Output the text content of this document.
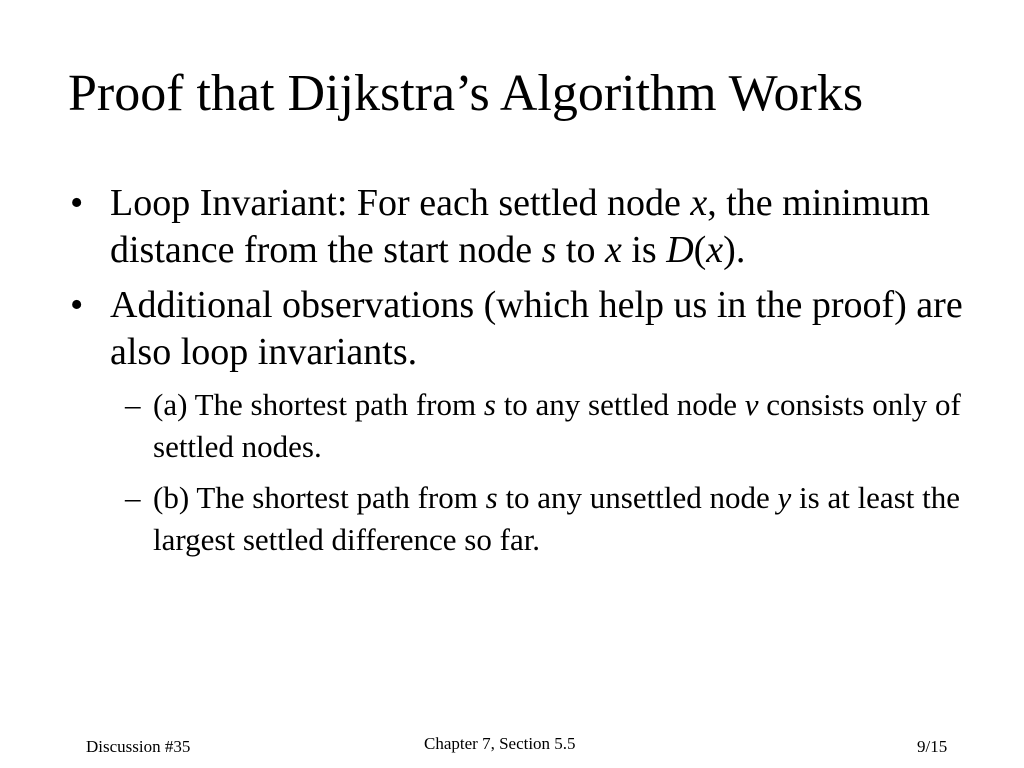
Proof that Dijkstra’s Algorithm Works
• Loop Invariant: For each settled node x, the minimum distance from the start node s to x is D(x).
• Additional observations (which help us in the proof) are also loop invariants.
– (a) The shortest path from s to any settled node v consists only of settled nodes.
– (b) The shortest path from s to any unsettled node y is at least the largest settled difference so far.
Discussion #35	Chapter 7, Section 5.5	9/15
